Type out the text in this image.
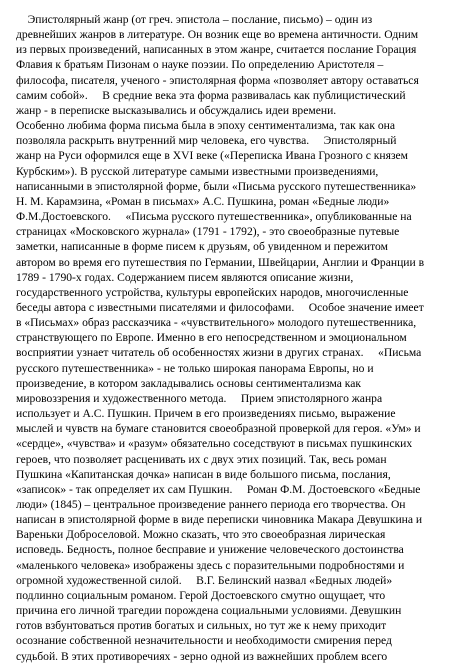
Эпистолярный жанр (от греч. эпистола – послание, письмо) – один из
древнейших жанров в литературе. Он возник еще во времена античности. Одним
из первых произведений, написанных в этом жанре, считается послание Горация
Флавия к братьям Пизонам о науке поэзии. По определению Аристотеля –
философа, писателя, ученого - эпистолярная форма «позволяет автору оставаться
самим собой».     В средние века эта форма развивалась как публицистический
жанр - в переписке высказывались и обсуждались идеи времени.
Особенно любима форма письма была в эпоху сентиментализма, так как она
позволяла раскрыть внутренний мир человека, его чувства.     Эпистолярный
жанр на Руси оформился еще в XVI веке («Переписка Ивана Грозного с князем
Курбским»). В русской литературе самыми известными произведениями,
написанными в эпистолярной форме, были «Письма русского путешественника»
Н. М. Карамзина, «Роман в письмах» А.С. Пушкина, роман «Бедные люди»
Ф.М.Достоевского.     «Письма русского путешественника», опубликованные на
страницах «Московского журнала» (1791 - 1792), - это своеобразные путевые
заметки, написанные в форме писем к друзьям, об увиденном и пережитом
автором во время его путешествия по Германии, Швейцарии, Англии и Франции в
1789 - 1790-х годах. Содержанием писем являются описание жизни,
государственного устройства, культуры европейских народов, многочисленные
беседы автора с известными писателями и философами.     Особое значение имеет
в «Письмах» образ рассказчика - «чувствительного» молодого путешественника,
странствующего по Европе. Именно в его непосредственном и эмоциональном
восприятии узнает читатель об особенностях жизни в других странах.     «Письма
русского путешественника» - не только широкая панорама Европы, но и
произведение, в котором закладывались основы сентиментализма как
мировоззрения и художественного метода.     Прием эпистолярного жанра
использует и А.С. Пушкин. Причем в его произведениях письмо, выражение
мыслей и чувств на бумаге становится своеобразной проверкой для героя. «Ум» и
«сердце», «чувства» и «разум» обязательно соседствуют в письмах пушкинских
героев, что позволяет расценивать их с двух этих позиций. Так, весь роман
Пушкина «Капитанская дочка» написан в виде большого письма, послания,
«записок» - так определяет их сам Пушкин.     Роман Ф.М. Достоевского «Бедные
люди» (1845) – центральное произведение раннего периода его творчества. Он
написан в эпистолярной форме в виде переписки чиновника Макара Девушкина и
Вареньки Доброселовой. Можно сказать, что это своеобразная лирическая
исповедь. Бедность, полное бесправие и унижение человеческого достоинства
«маленького человека» изображены здесь с поразительными подробностями и
огромной художественной силой.     В.Г. Белинский назвал «Бедных людей»
подлинно социальным романом. Герой Достоевского смутно ощущает, что
причина его личной трагедии порождена социальными условиями. Девушкин
готов взбунтоваться против богатых и сильных, но тут же к нему приходит
осознание собственной незначительности и необходимости смирения перед
судьбой. В этих противоречиях - зерно одной из важнейших проблем всего
